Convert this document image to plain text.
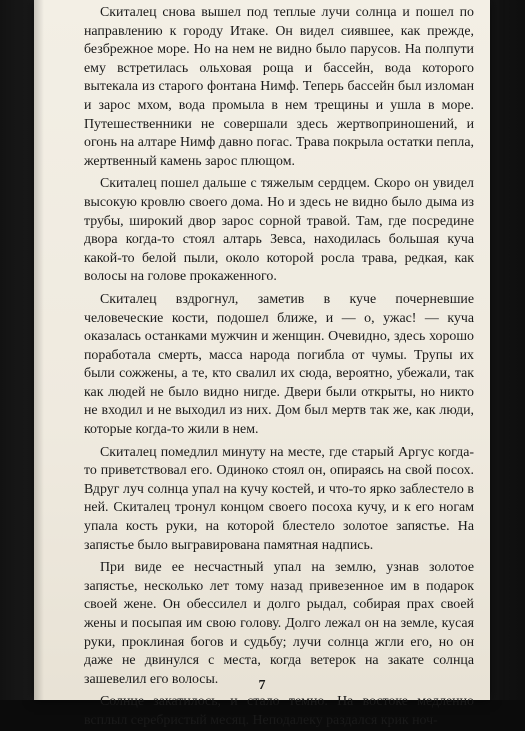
Скиталец снова вышел под теплые лучи солнца и пошел по направлению к городу Итаке. Он видел сиявшее, как прежде, безбрежное море. Но на нем не видно было парусов. На полпути ему встретилась ольховая роща и бассейн, вода которого вытекала из старого фонтана Нимф. Теперь бассейн был изломан и зарос мхом, вода промыла в нем трещины и ушла в море. Путешественники не совершали здесь жертвоприношений, и огонь на алтаре Нимф давно погас. Трава покрыла остатки пепла, жертвенный камень зарос плющом.

Скиталец пошел дальше с тяжелым сердцем. Скоро он увидел высокую кровлю своего дома. Но и здесь не видно было дыма из трубы, широкий двор зарос сорной травой. Там, где посредине двора когда-то стоял алтарь Зевса, находилась большая куча какой-то белой пыли, около которой росла трава, редкая, как волосы на голове прокаженного.

Скиталец вздрогнул, заметив в куче почерневшие человеческие кости, подошел ближе, и — о, ужас! — куча оказалась останками мужчин и женщин. Очевидно, здесь хорошо поработала смерть, масса народа погибла от чумы. Трупы их были сожжены, а те, кто свалил их сюда, вероятно, убежали, так как людей не было видно нигде. Двери были открыты, но никто не входил и не выходил из них. Дом был мертв так же, как люди, которые когда-то жили в нем.

Скиталец помедлил минуту на месте, где старый Аргус когда-то приветствовал его. Одиноко стоял он, опираясь на свой посох. Вдруг луч солнца упал на кучу костей, и что-то ярко заблестело в ней. Скиталец тронул концом своего посоха кучу, и к его ногам упала кость руки, на которой блестело золотое запястье. На запястье было выгравирована памятная надпись.

При виде ее несчастный упал на землю, узнав золотое запястье, несколько лет тому назад привезенное им в подарок своей жене. Он обессилел и долго рыдал, собирая прах своей жены и посыпая им свою голову. Долго лежал он на земле, кусая руки, проклиная богов и судьбу; лучи солнца жгли его, но он даже не двинулся с места, когда ветерок на закате солнца зашевелил его волосы.

Солнце закатилось, и стало темно. На востоке медленно всплыл серебристый месяц. Неподалеку раздался крик ноч-

7
